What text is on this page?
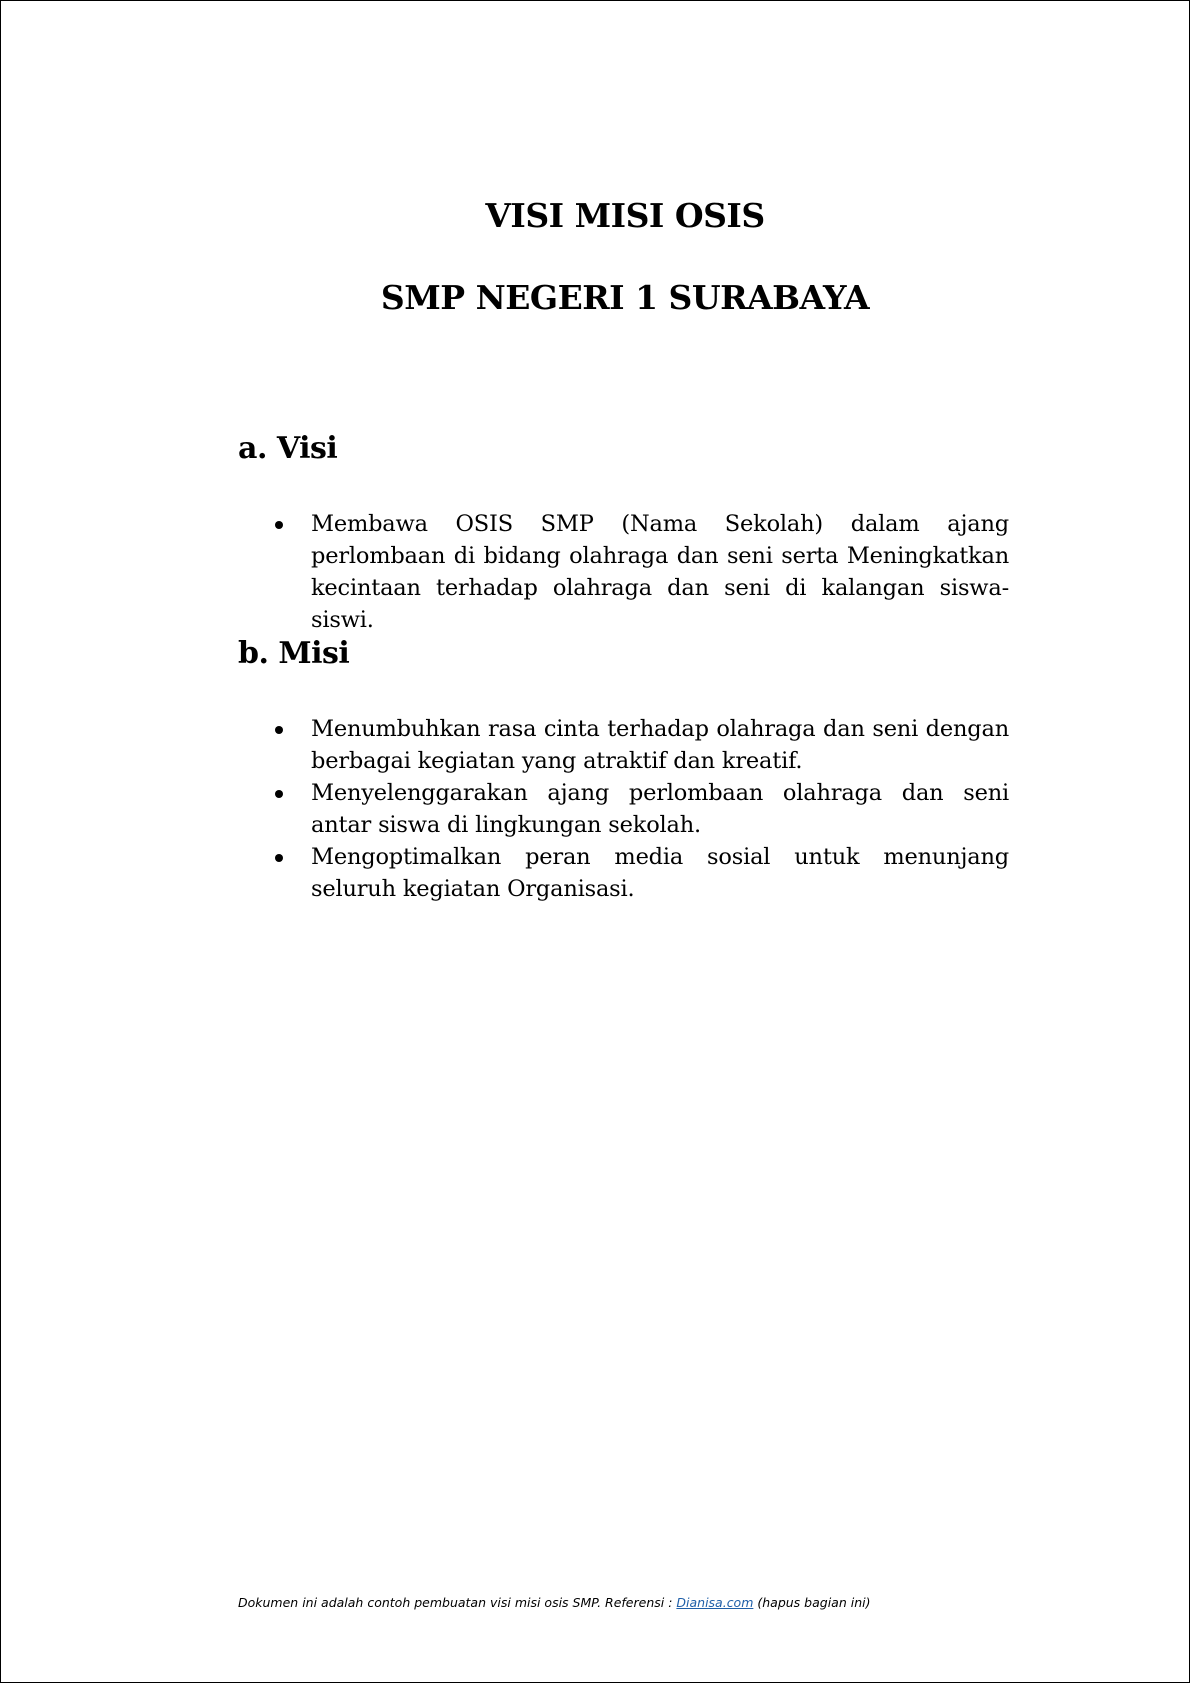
VISI MISI OSIS
SMP NEGERI 1 SURABAYA
a. Visi
Membawa OSIS SMP (Nama Sekolah) dalam ajang perlombaan di bidang olahraga dan seni serta Meningkatkan kecintaan terhadap olahraga dan seni di kalangan siswa-siswi.
b. Misi
Menumbuhkan rasa cinta terhadap olahraga dan seni dengan berbagai kegiatan yang atraktif dan kreatif.
Menyelenggarakan ajang perlombaan olahraga dan seni antar siswa di lingkungan sekolah.
Mengoptimalkan peran media sosial untuk menunjang seluruh kegiatan Organisasi.
Dokumen ini adalah contoh pembuatan visi misi osis SMP. Referensi : Dianisa.com (hapus bagian ini)
